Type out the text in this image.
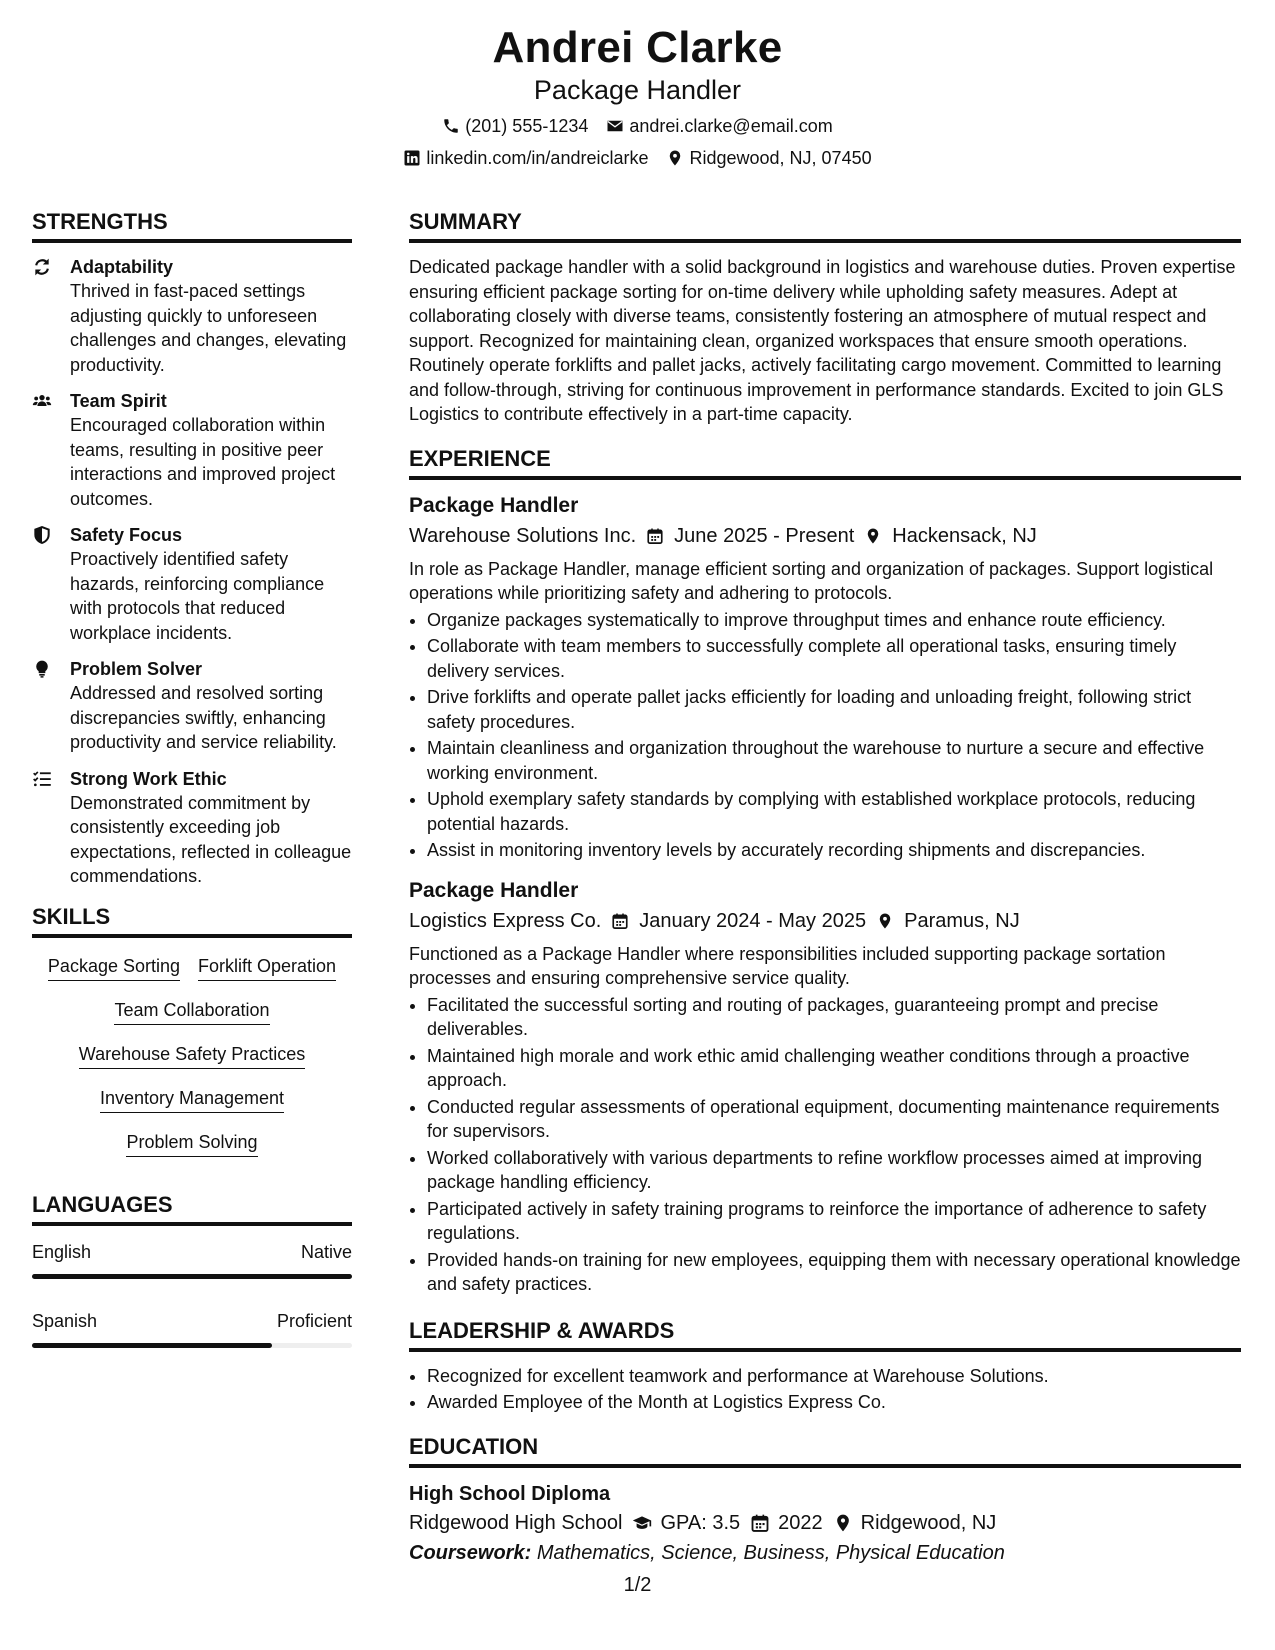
Andrei Clarke
Package Handler
(201) 555-1234 andrei.clarke@email.com
linkedin.com/in/andreiclarke Ridgewood, NJ, 07450
STRENGTHS
Adaptability
Thrived in fast-paced settings adjusting quickly to unforeseen challenges and changes, elevating productivity.
Team Spirit
Encouraged collaboration within teams, resulting in positive peer interactions and improved project outcomes.
Safety Focus
Proactively identified safety hazards, reinforcing compliance with protocols that reduced workplace incidents.
Problem Solver
Addressed and resolved sorting discrepancies swiftly, enhancing productivity and service reliability.
Strong Work Ethic
Demonstrated commitment by consistently exceeding job expectations, reflected in colleague commendations.
SKILLS
Package Sorting Forklift Operation
Team Collaboration
Warehouse Safety Practices
Inventory Management
Problem Solving
LANGUAGES
English	Native
Spanish	Proficient
SUMMARY
Dedicated package handler with a solid background in logistics and warehouse duties. Proven expertise ensuring efficient package sorting for on-time delivery while upholding safety measures. Adept at collaborating closely with diverse teams, consistently fostering an atmosphere of mutual respect and support. Recognized for maintaining clean, organized workspaces that ensure smooth operations. Routinely operate forklifts and pallet jacks, actively facilitating cargo movement. Committed to learning and follow-through, striving for continuous improvement in performance standards. Excited to join GLS Logistics to contribute effectively in a part-time capacity.
EXPERIENCE
Package Handler
Warehouse Solutions Inc. June 2025 - Present Hackensack, NJ
In role as Package Handler, manage efficient sorting and organization of packages. Support logistical operations while prioritizing safety and adhering to protocols.
• Organize packages systematically to improve throughput times and enhance route efficiency.
• Collaborate with team members to successfully complete all operational tasks, ensuring timely delivery services.
• Drive forklifts and operate pallet jacks efficiently for loading and unloading freight, following strict safety procedures.
• Maintain cleanliness and organization throughout the warehouse to nurture a secure and effective working environment.
• Uphold exemplary safety standards by complying with established workplace protocols, reducing potential hazards.
• Assist in monitoring inventory levels by accurately recording shipments and discrepancies.
Package Handler
Logistics Express Co. January 2024 - May 2025 Paramus, NJ
Functioned as a Package Handler where responsibilities included supporting package sortation processes and ensuring comprehensive service quality.
• Facilitated the successful sorting and routing of packages, guaranteeing prompt and precise deliverables.
• Maintained high morale and work ethic amid challenging weather conditions through a proactive approach.
• Conducted regular assessments of operational equipment, documenting maintenance requirements for supervisors.
• Worked collaboratively with various departments to refine workflow processes aimed at improving package handling efficiency.
• Participated actively in safety training programs to reinforce the importance of adherence to safety regulations.
• Provided hands-on training for new employees, equipping them with necessary operational knowledge and safety practices.
LEADERSHIP & AWARDS
• Recognized for excellent teamwork and performance at Warehouse Solutions.
• Awarded Employee of the Month at Logistics Express Co.
EDUCATION
High School Diploma
Ridgewood High School GPA: 3.5 2022 Ridgewood, NJ
Coursework: Mathematics, Science, Business, Physical Education
1/2
